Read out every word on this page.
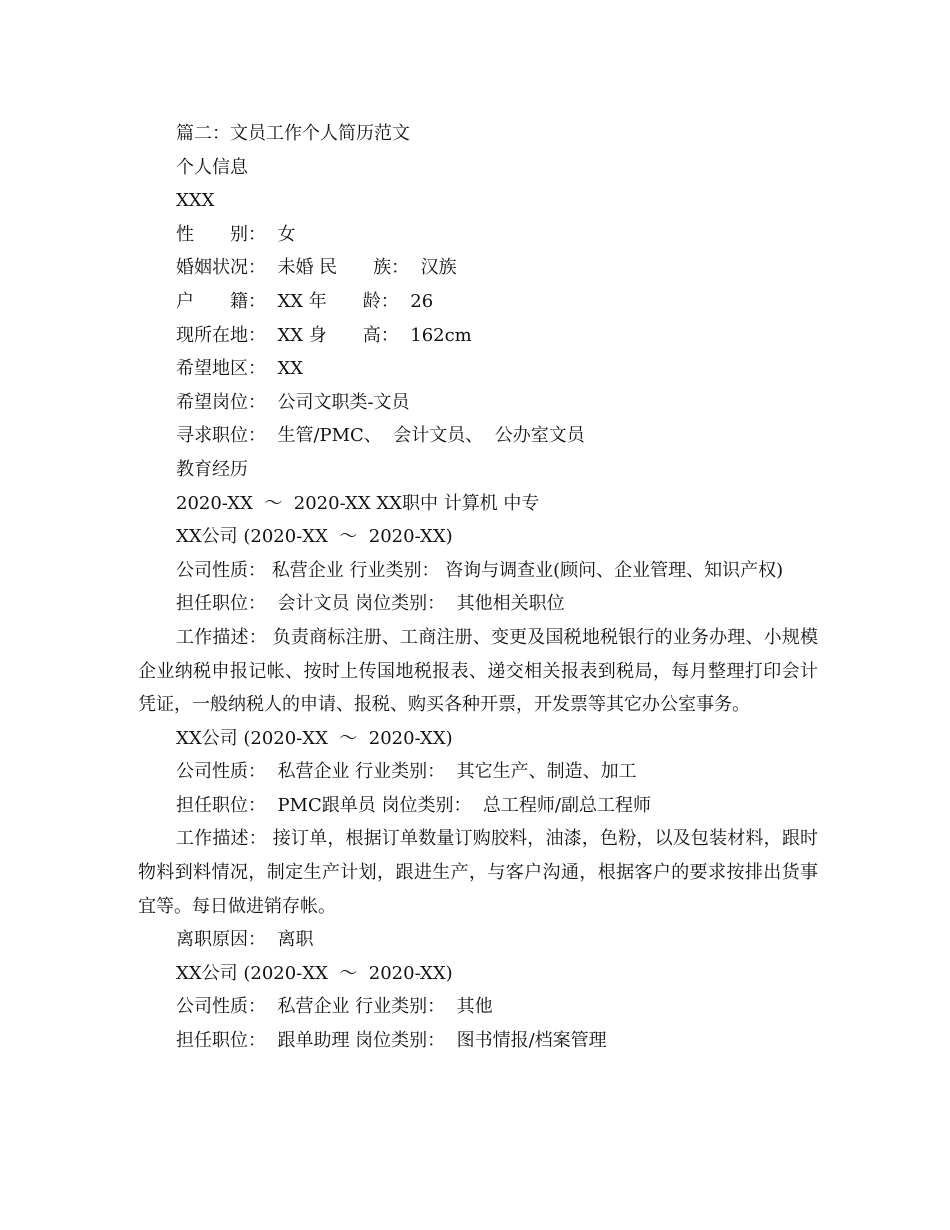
篇二：文员工作个人简历范文
个人信息
XXX
性　　别：  女
婚姻状况：  未婚 民　　族：  汉族
户　　籍：  XX 年　　龄：  26
现所在地：  XX 身　　高：  162cm
希望地区：  XX
希望岗位：  公司文职类-文员
寻求职位：  生管/PMC、  会计文员、  公办室文员
教育经历
2020-XX  ～  2020-XX XX职中 计算机 中专
XX公司 (2020-XX  ～  2020-XX)
公司性质： 私营企业 行业类别： 咨询与调查业(顾问、企业管理、知识产权)
担任职位：  会计文员 岗位类别：  其他相关职位
工作描述： 负责商标注册、工商注册、变更及国税地税银行的业务办理、小规模企业纳税申报记帐、按时上传国地税报表、递交相关报表到税局，每月整理打印会计凭证，一般纳税人的申请、报税、购买各种开票，开发票等其它办公室事务。
XX公司 (2020-XX  ～  2020-XX)
公司性质：  私营企业 行业类别：  其它生产、制造、加工
担任职位：  PMC跟单员 岗位类别：  总工程师/副总工程师
工作描述： 接订单，根据订单数量订购胶料，油漆，色粉，以及包装材料，跟时物料到料情况，制定生产计划，跟进生产，与客户沟通，根据客户的要求按排出货事宜等。每日做进销存帐。
离职原因：  离职
XX公司 (2020-XX  ～  2020-XX)
公司性质：  私营企业 行业类别：  其他
担任职位：  跟单助理 岗位类别：  图书情报/档案管理
